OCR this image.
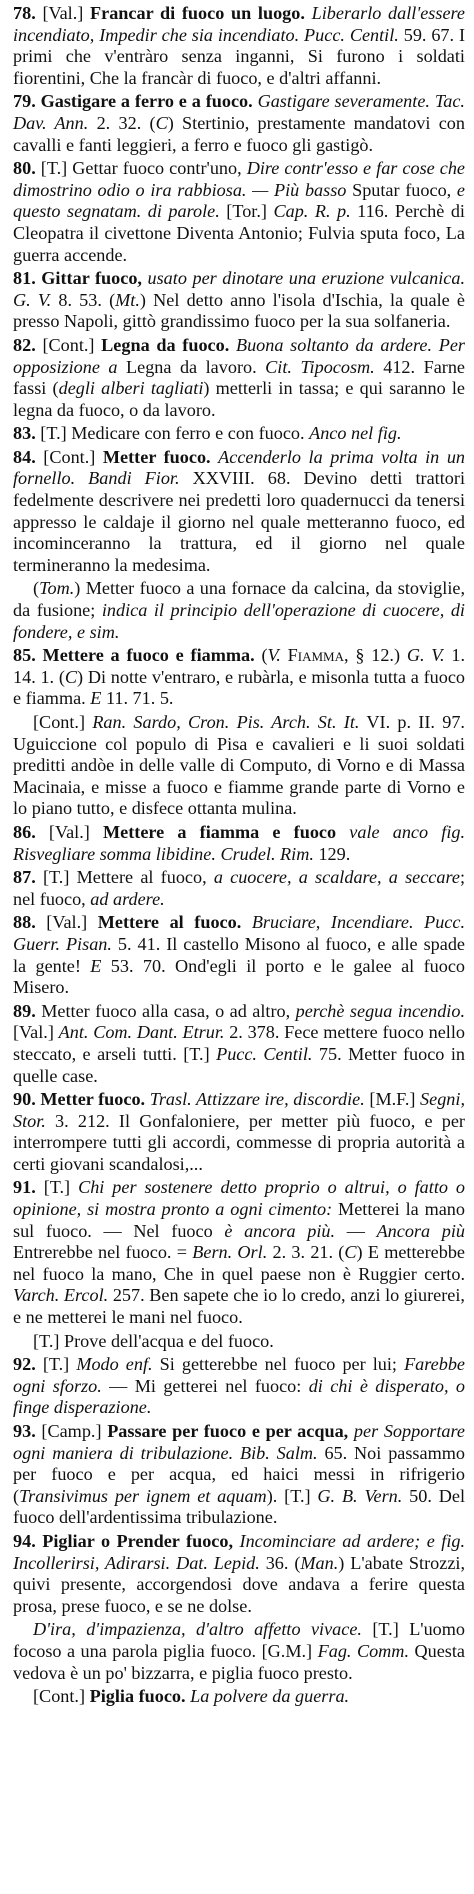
78. [Val.] Francar di fuoco un luogo. Liberarlo dall'essere incendiato, Impedir che sia incendiato. Pucc. Centil. 59. 67. I primi che v'entràro senza inganni, Si furono i soldati fiorentini, Che la francàr di fuoco, e d'altri affanni.

79. Gastigare a ferro e a fuoco. Gastigare severamente. Tac. Dav. Ann. 2. 32. (C) Stertinio, prestamente mandatovi con cavalli e fanti leggieri, a ferro e fuoco gli gastigò.

80. [T.] Gettar fuoco contr'uno, Dire contr'esso e far cose che dimostrino odio o ira rabbiosa. — Più basso Sputar fuoco, e questo segnatam. di parole. [Tor.] Cap. R. p. 116. Perchè di Cleopatra il civettone Diventa Antonio; Fulvia sputa foco, La guerra accende.

81. Gittar fuoco, usato per dinotare una eruzione vulcanica. G. V. 8. 53. (Mt.) Nel detto anno l'isola d'Ischia, la quale è presso Napoli, gittò grandissimo fuoco per la sua solfaneria.

82. [Cont.] Legna da fuoco. Buona soltanto da ardere. Per opposizione a Legna da lavoro. Cit. Tipocosm. 412. Farne fassi (degli alberi tagliati) metterli in tassa; e qui saranno le legna da fuoco, o da lavoro.

83. [T.] Medicare con ferro e con fuoco. Anco nel fig.

84. [Cont.] Metter fuoco. Accenderlo la prima volta in un fornello. Bandi Fior. XXVIII. 68. Devino detti trattori fedelmente descrivere nei predetti loro quadernucci da tenersi appresso le caldaje il giorno nel quale metteranno fuoco, ed incominceranno la trattura, ed il giorno nel quale termineranno la medesima.

(Tom.) Metter fuoco a una fornace da calcina, da stoviglie, da fusione; indica il principio dell'operazione di cuocere, di fondere, e sim.

85. Mettere a fuoco e fiamma. (V. Fiamma, § 12.) G. V. 1. 14. 1. (C) Di notte v'entraro, e rubàrla, e misonla tutta a fuoco e fiamma. E 11. 71. 5.

[Cont.] Ran. Sardo, Cron. Pis. Arch. St. It. VI. p. II. 97. Uguiccione col populo di Pisa e cavalieri e li suoi soldati preditti andòe in delle valle di Computo, di Vorno e di Massa Macinaia, e misse a fuoco e fiamme grande parte di Vorno e lo piano tutto, e disfece ottanta mulina.

86. [Val.] Mettere a fiamma e fuoco vale anco fig. Risvegliare somma libidine. Crudel. Rim. 129.

87. [T.] Mettere al fuoco, a cuocere, a scaldare, a seccare; nel fuoco, ad ardere.

88. [Val.] Mettere al fuoco. Bruciare, Incendiare. Pucc. Guerr. Pisan. 5. 41. Il castello Misono al fuoco, e alle spade la gente! E 53. 70. Ond'egli il porto e le galee al fuoco Misero.

89. Metter fuoco alla casa, o ad altro, perchè segua incendio. [Val.] Ant. Com. Dant. Etrur. 2. 378. Fece mettere fuoco nello steccato, e arseli tutti. [T.] Pucc. Centil. 75. Metter fuoco in quelle case.

90. Metter fuoco. Trasl. Attizzare ire, discordie. [M.F.] Segni, Stor. 3. 212. Il Gonfaloniere, per metter più fuoco, e per interrompere tutti gli accordi, commesse di propria autorità a certi giovani scandalosi,...

91. [T.] Chi per sostenere detto proprio o altrui, o fatto o opinione, si mostra pronto a ogni cimento: Metterei la mano sul fuoco. — Nel fuoco è ancora più. — Ancora più Entrerebbe nel fuoco. = Bern. Orl. 2. 3. 21. (C) E metterebbe nel fuoco la mano, Che in quel paese non è Ruggier certo. Varch. Ercol. 257. Ben sapete che io lo credo, anzi lo giurerei, e ne metterei le mani nel fuoco.

[T.] Prove dell'acqua e del fuoco.

92. [T.] Modo enf. Si getterebbe nel fuoco per lui; Farebbe ogni sforzo. — Mi getterei nel fuoco: di chi è disperato, o finge disperazione.

93. [Camp.] Passare per fuoco e per acqua, per Sopportare ogni maniera di tribulazione. Bib. Salm. 65. Noi passammo per fuoco e per acqua, ed haici messi in rifrigerio (Transivimus per ignem et aquam). [T.] G. B. Vern. 50. Del fuoco dell'ardentissima tribulazione.

94. Pigliar o Prender fuoco, Incominciare ad ardere; e fig. Incollerirsi, Adirarsi. Dat. Lepid. 36. (Man.) L'abate Strozzi, quivi presente, accorgendosi dove andava a ferire questa prosa, prese fuoco, e se ne dolse.

D'ira, d'impazienza, d'altro affetto vivace. [T.] L'uomo focoso a una parola piglia fuoco. [G.M.] Fag. Comm. Questa vedova è un po' bizzarra, e piglia fuoco presto.

[Cont.] Piglia fuoco. La polvere da guerra.
